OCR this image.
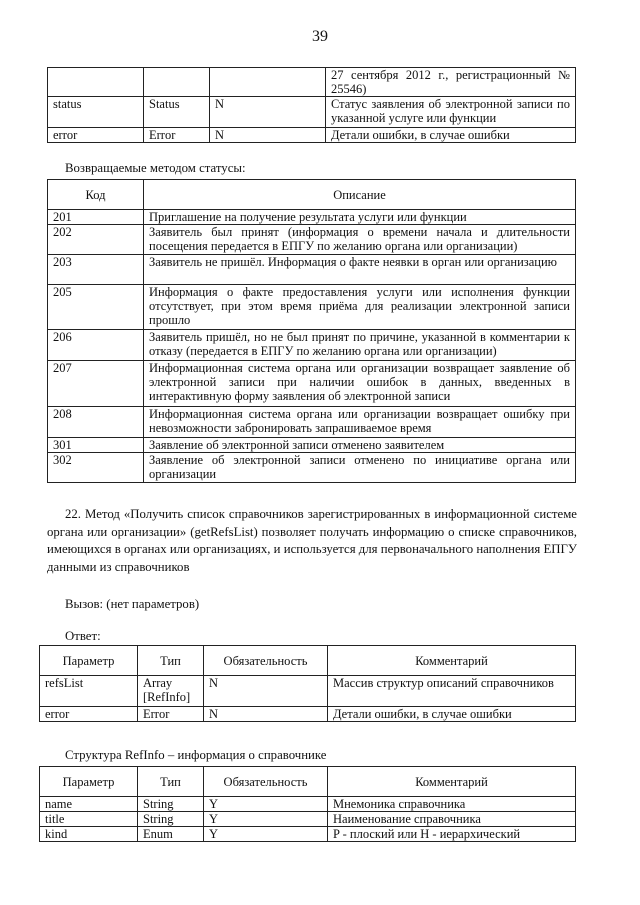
39
			27 сентября 2012 г., регистрационный № 25546)
status	Status	N	Статус заявления об электронной записи по указанной услуге или функции
error	Error	N	Детали ошибки, в случае ошибки
Возвращаемые методом статусы:
Код	Описание
201	Приглашение на получение результата услуги или функции
202	Заявитель был принят (информация о времени начала и длительности посещения передается в ЕПГУ по желанию органа или организации)
203	Заявитель не пришёл. Информация о факте неявки в орган или организацию
205	Информация о факте предоставления услуги или исполнения функции отсутствует, при этом время приёма для реализации электронной записи прошло
206	Заявитель пришёл, но не был принят по причине, указанной в комментарии к отказу (передается в ЕПГУ по желанию органа или организации)
207	Информационная система органа или организации возвращает заявление об электронной записи при наличии ошибок в данных, введенных в интерактивную форму заявления об электронной записи
208	Информационная система органа или организации возвращает ошибку при невозможности забронировать запрашиваемое время
301	Заявление об электронной записи отменено заявителем
302	Заявление об электронной записи отменено по инициативе органа или организации
22. Метод «Получить список справочников зарегистрированных в информационной системе органа или организации» (getRefsList) позволяет получать информацию о списке справочников, имеющихся в органах или организациях, и используется для первоначального наполнения ЕПГУ данными из справочников
Вызов: (нет параметров)
Ответ:
Параметр	Тип	Обязательность	Комментарий
refsList	Array [RefInfo]	N	Массив структур описаний справочников
error	Error	N	Детали ошибки, в случае ошибки
Структура RefInfo – информация о справочнике
Параметр	Тип	Обязательность	Комментарий
name	String	Y	Мнемоника справочника
title	String	Y	Наименование справочника
kind	Enum	Y	P - плоский или H - иерархический
